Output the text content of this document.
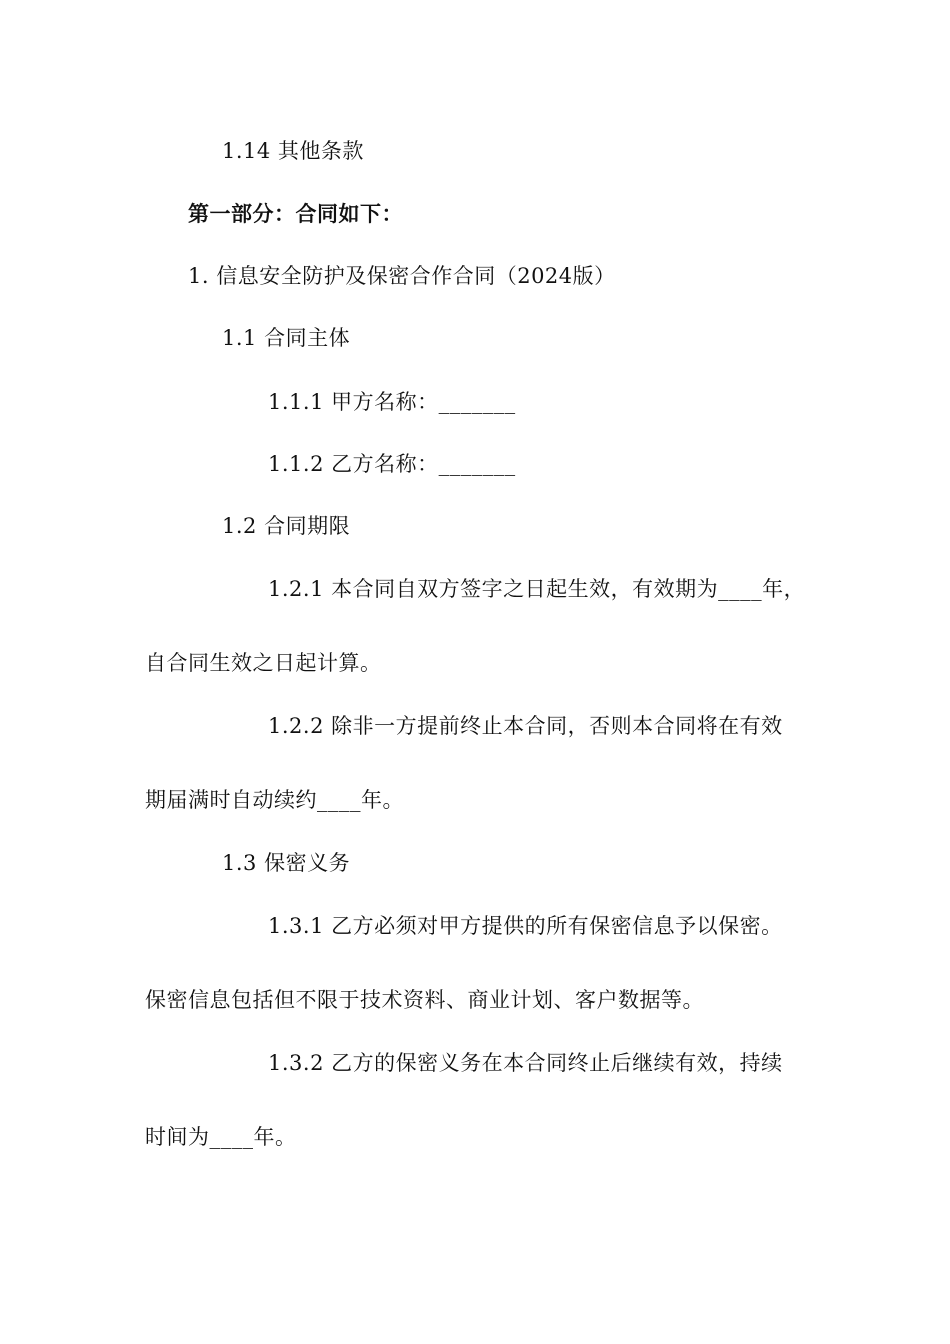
1.14 其他条款
第一部分：合同如下：
1. 信息安全防护及保密合作合同（2024版）
1.1 合同主体
1.1.1 甲方名称：_______
1.1.2 乙方名称：_______
1.2 合同期限
1.2.1 本合同自双方签字之日起生效，有效期为____年，
自合同生效之日起计算。
1.2.2 除非一方提前终止本合同，否则本合同将在有效
期届满时自动续约____年。
1.3 保密义务
1.3.1 乙方必须对甲方提供的所有保密信息予以保密。
保密信息包括但不限于技术资料、商业计划、客户数据等。
1.3.2 乙方的保密义务在本合同终止后继续有效，持续
时间为____年。
